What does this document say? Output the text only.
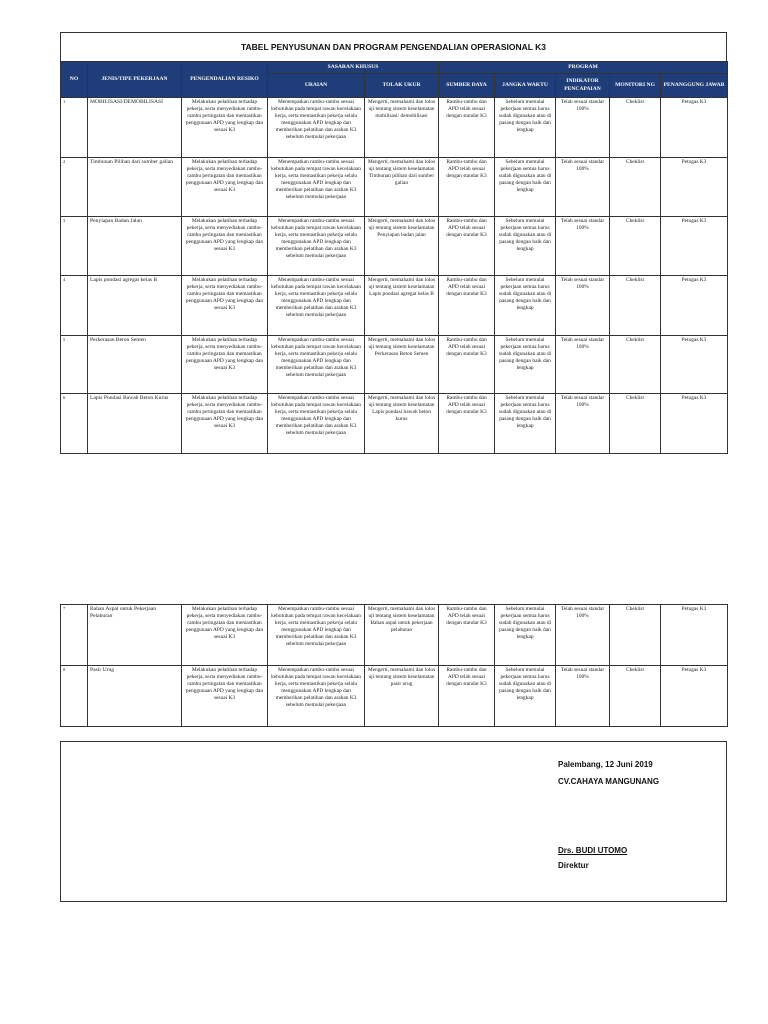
TABEL PENYUSUNAN DAN PROGRAM PENGENDALIAN OPERASIONAL K3
NO	JENIS/TIPE PEKERJAAN	PENGENDALIAN RESIKO	SASARAN KHUSUS		PROGRAM				
			URAIAN	TOLAK UKUR	SUMBER DAYA	JANGKA WAKTU	INDIKATOR PENCAPAIAN	MONITORI NG	PENANGGUNG JAWAB
1	MOBILISASI/DEMOBILISASI	Melakukan pelatihan terhadap pekerja, serta menyediakan rambu-rambu peringatan dan memastikan penggunaan APD yang lengkap dan sesuai K3	Menempatkan rambu-rambu sesuai kebutuhan pada tempat rawan kecelakaan kerja, serta memastikan pekerja selalu menggunakan APD lengkap dan memberikan pelatihan dan arahan K3 sebelum memulai pekerjaan	Mengerti, memahami dan lolos uji tentang sistem keselamatan mobilisasi/ demobilisasi	Rambu-rambu dan APD telah sesuai dengan standar K3	Sebelum memulai pekerjaan semua harus sudah digunakan atau di pasang dengan baik dan lengkap	Telah sesuai standar 100%	Cheklist	Petugas K3
2	Timbunan Pilihan dari sumber galian	Melakukan pelatihan terhadap pekerja, serta menyediakan rambu-rambu peringatan dan memastikan penggunaan APD yang lengkap dan sesuai K3	Menempatkan rambu-rambu sesuai kebutuhan pada tempat rawan kecelakaan kerja, serta memastikan pekerja selalu menggunakan APD lengkap dan memberikan pelatihan dan arahan K3 sebelum memulai pekerjaan	Mengerti, memahami dan lolos uji tentang sistem keselamatan Timbunan pilihan dari sumber galian	Rambu-rambu dan APD telah sesuai dengan standar K3	Sebelum memulai pekerjaan semua harus sudah digunakan atau di pasang dengan baik dan lengkap	Telah sesuai standar 100%	Cheklist	Petugas K3
3	Penyiapan Badan Jalan	Melakukan pelatihan terhadap pekerja, serta menyediakan rambu-rambu peringatan dan memastikan penggunaan APD yang lengkap dan sesuai K3	Menempatkan rambu-rambu sesuai kebutuhan pada tempat rawan kecelakaan kerja, serta memastikan pekerja selalu menggunakan APD lengkap dan memberikan pelatihan dan arahan K3 sebelum memulai pekerjaan	Mengerti, memahami dan lolos uji tentang sistem keselamatan Penyiapan badan jalan	Rambu-rambu dan APD telah sesuai dengan standar K3	Sebelum memulai pekerjaan semua harus sudah digunakan atau di pasang dengan baik dan lengkap	Telah sesuai standar 100%	Cheklist	Petugas K3
4	Lapis pondasi agregat kelas B	Melakukan pelatihan terhadap pekerja, serta menyediakan rambu-rambu peringatan dan memastikan penggunaan APD yang lengkap dan sesuai K3	Menempatkan rambu-rambu sesuai kebutuhan pada tempat rawan kecelakaan kerja, serta memastikan pekerja selalu menggunakan APD lengkap dan memberikan pelatihan dan arahan K3 sebelum memulai pekerjaan	Mengerti, memahami dan lolos uji tentang sistem keselamatan Lapis pondasi agregat kelas B	Rambu-rambu dan APD telah sesuai dengan standar K3	Sebelum memulai pekerjaan semua harus sudah digunakan atau di pasang dengan baik dan lengkap	Telah sesuai standar 100%	Cheklist	Petugas K3
5	Perkerasan Beton Semen	Melakukan pelatihan terhadap pekerja, serta menyediakan rambu-rambu peringatan dan memastikan penggunaan APD yang lengkap dan sesuai K3	Menempatkan rambu-rambu sesuai kebutuhan pada tempat rawan kecelakaan kerja, serta memastikan pekerja selalu menggunakan APD lengkap dan memberikan pelatihan dan arahan K3 sebelum memulai pekerjaan	Mengerti, memahami dan lolos uji tentang sistem keselamatan Perkerasan Beton Semen	Rambu-rambu dan APD telah sesuai dengan standar K3	Sebelum memulai pekerjaan semua harus sudah digunakan atau di pasang dengan baik dan lengkap	Telah sesuai standar 100%	Cheklist	Petugas K3
6	Lapis Pondasi Bawah Beton Kurus	Melakukan pelatihan terhadap pekerja, serta menyediakan rambu-rambu peringatan dan memastikan penggunaan APD yang lengkap dan sesuai K3	Menempatkan rambu-rambu sesuai kebutuhan pada tempat rawan kecelakaan kerja, serta memastikan pekerja selalu menggunakan APD lengkap dan memberikan pelatihan dan arahan K3 sebelum memulai pekerjaan	Mengerti, memahami dan lolos uji tentang sistem keselamatan Lapis pondasi bawah beton kurus	Rambu-rambu dan APD telah sesuai dengan standar K3	Sebelum memulai pekerjaan semua harus sudah digunakan atau di pasang dengan baik dan lengkap	Telah sesuai standar 100%	Cheklist	Petugas K3
7	Bahan Aspal untuk Pekerjaan Pelaburan	Melakukan pelatihan terhadap pekerja, serta menyediakan rambu-rambu peringatan dan memastikan penggunaan APD yang lengkap dan sesuai K3	Menempatkan rambu-rambu sesuai kebutuhan pada tempat rawan kecelakaan kerja, serta memastikan pekerja selalu menggunakan APD lengkap dan memberikan pelatihan dan arahan K3 sebelum memulai pekerjaan	Mengerti, memahami dan lolos uji tentang sistem keselamatan Bahan aspal untuk pekerjaan pelaburan	Rambu-rambu dan APD telah sesuai dengan standar K3	Sebelum memulai pekerjaan semua harus sudah digunakan atau di pasang dengan baik dan lengkap	Telah sesuai standar 100%	Cheklist	Petugas K3
8	Pasir Urug	Melakukan pelatihan terhadap pekerja, serta menyediakan rambu-rambu peringatan dan memastikan penggunaan APD yang lengkap dan sesuai K3	Menempatkan rambu-rambu sesuai kebutuhan pada tempat rawan kecelakaan kerja, serta memastikan pekerja selalu menggunakan APD lengkap dan memberikan pelatihan dan arahan K3 sebelum memulai pekerjaan	Mengerti, memahami dan lolos uji tentang sistem keselamatan pasir urug	Rambu-rambu dan APD telah sesuai dengan standar K3	Sebelum memulai pekerjaan semua harus sudah digunakan atau di pasang dengan baik dan lengkap	Telah sesuai standar 100%	Cheklist	Petugas K3
Palembang, 12 Juni 2019
CV.CAHAYA MANGUNANG
Drs. BUDI UTOMO
Direktur
